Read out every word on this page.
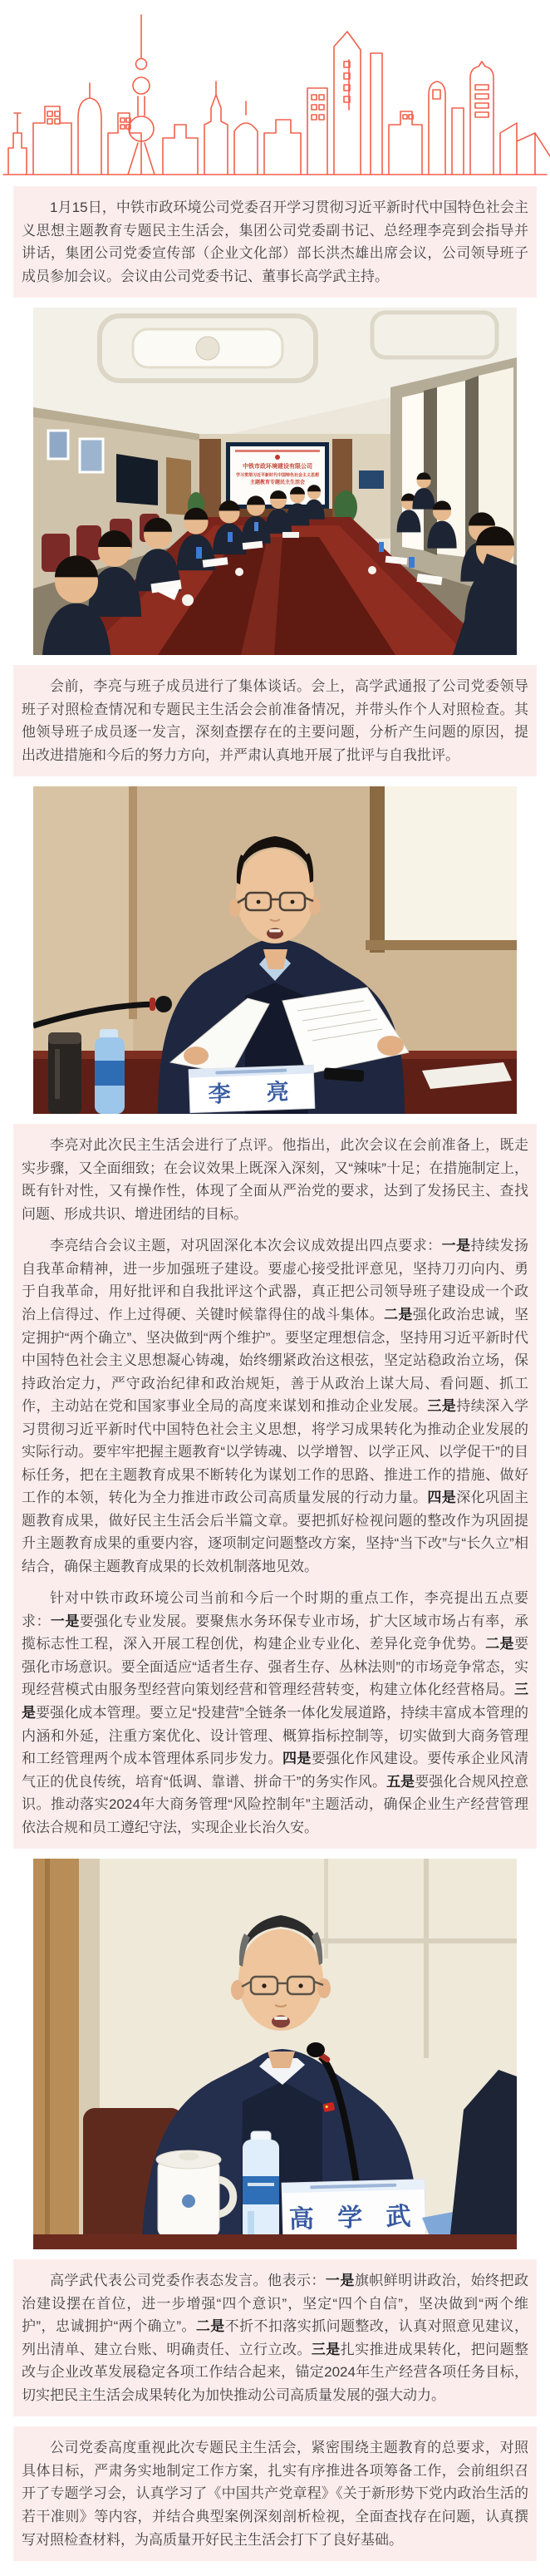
1月15日，中铁市政环境公司党委召开学习贯彻习近平新时代中国特色社会主义思想主题教育专题民主生活会，集团公司党委副书记、总经理李亮到会指导并讲话，集团公司党委宣传部（企业文化部）部长洪杰雄出席会议，公司领导班子成员参加会议。会议由公司党委书记、董事长高学武主持。

中铁市政环境建设有限公司
学习贯彻习近平新时代中国特色社会主义思想
主题教育专题民主生活会

会前，李亮与班子成员进行了集体谈话。会上，高学武通报了公司党委领导班子对照检查情况和专题民主生活会会前准备情况，并带头作个人对照检查。其他领导班子成员逐一发言，深刻查摆存在的主要问题，分析产生问题的原因，提出改进措施和今后的努力方向，并严肃认真地开展了批评与自我批评。

李　亮

李亮对此次民主生活会进行了点评。他指出，此次会议在会前准备上，既走实步骤，又全面细致；在会议效果上既深入深刻，又“辣味”十足；在措施制定上，既有针对性，又有操作性，体现了全面从严治党的要求，达到了发扬民主、查找问题、形成共识、增进团结的目标。

李亮结合会议主题，对巩固深化本次会议成效提出四点要求：一是持续发扬自我革命精神，进一步加强班子建设。要虚心接受批评意见，坚持刀刃向内、勇于自我革命，用好批评和自我批评这个武器，真正把公司领导班子建设成一个政治上信得过、作上过得硬、关键时候靠得住的战斗集体。二是强化政治忠诚，坚定拥护“两个确立”、坚决做到“两个维护”。要坚定理想信念，坚持用习近平新时代中国特色社会主义思想凝心铸魂，始终绷紧政治这根弦，坚定站稳政治立场，保持政治定力，严守政治纪律和政治规矩，善于从政治上谋大局、看问题、抓工作，主动站在党和国家事业全局的高度来谋划和推动企业发展。三是持续深入学习贯彻习近平新时代中国特色社会主义思想，将学习成果转化为推动企业发展的实际行动。要牢牢把握主题教育“以学铸魂、以学增智、以学正风、以学促干”的目标任务，把在主题教育成果不断转化为谋划工作的思路、推进工作的措施、做好工作的本领，转化为全力推进市政公司高质量发展的行动力量。四是深化巩固主题教育成果，做好民主生活会后半篇文章。要把抓好检视问题的整改作为巩固提升主题教育成果的重要内容，逐项制定问题整改方案，坚持“当下改”与“长久立”相结合，确保主题教育成果的长效机制落地见效。

针对中铁市政环境公司当前和今后一个时期的重点工作，李亮提出五点要求：一是要强化专业发展。要聚焦水务环保专业市场，扩大区域市场占有率，承揽标志性工程，深入开展工程创优，构建企业专业化、差异化竞争优势。二是要强化市场意识。要全面适应“适者生存、强者生存、丛林法则”的市场竞争常态，实现经营模式由服务型经营向策划经营和管理经营转变，构建立体化经营格局。三是要强化成本管理。要立足“投建营”全链条一体化发展道路，持续丰富成本管理的内涵和外延，注重方案优化、设计管理、概算指标控制等，切实做到大商务管理和工经管理两个成本管理体系同步发力。四是要强化作风建设。要传承企业风清气正的优良传统，培育“低调、靠谱、拼命干”的务实作风。五是要强化合规风控意识。推动落实2024年大商务管理“风险控制年”主题活动，确保企业生产经营管理依法合规和员工遵纪守法，实现企业长治久安。

高 学 武

高学武代表公司党委作表态发言。他表示：一是旗帜鲜明讲政治，始终把政治建设摆在首位，进一步增强“四个意识”，坚定“四个自信”，坚决做到“两个维护”，忠诚拥护“两个确立”。二是不折不扣落实抓问题整改，认真对照意见建议，列出清单、建立台账、明确责任、立行立改。三是扎实推进成果转化，把问题整改与企业改革发展稳定各项工作结合起来，锚定2024年生产经营各项任务目标，切实把民主生活会成果转化为加快推动公司高质量发展的强大动力。

公司党委高度重视此次专题民主生活会，紧密围绕主题教育的总要求，对照具体目标，严肃务实地制定工作方案，扎实有序推进各项筹备工作，会前组织召开了专题学习会，认真学习了《中国共产党章程》《关于新形势下党内政治生活的若干准则》等内容，并结合典型案例深刻剖析检视，全面查找存在问题，认真撰写对照检查材料，为高质量开好民主生活会打下了良好基础。
